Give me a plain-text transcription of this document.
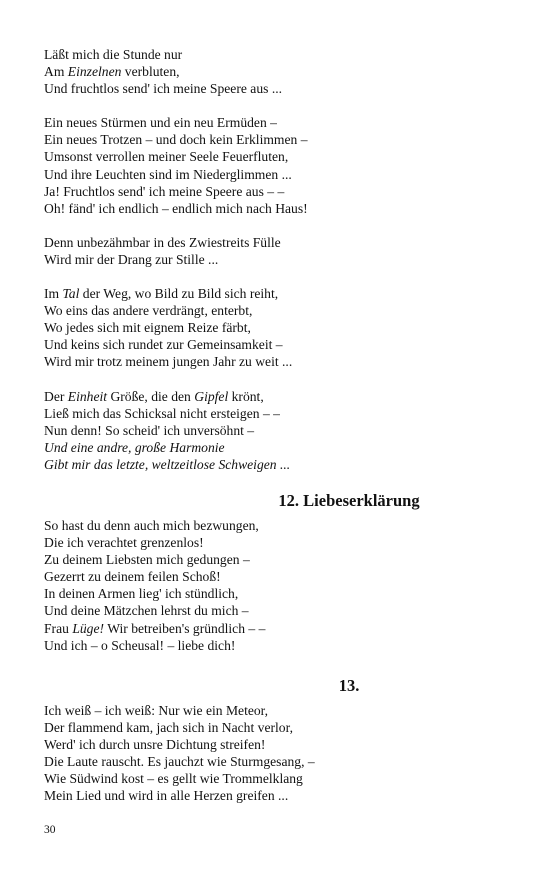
Läßt mich die Stunde nur
Am Einzelnen verbluten,
Und fruchtlos send' ich meine Speere aus ...
Ein neues Stürmen und ein neu Ermüden –
Ein neues Trotzen – und doch kein Erklimmen –
Umsonst verrollen meiner Seele Feuerfluten,
Und ihre Leuchten sind im Niederglimmen ...
Ja! Fruchtlos send' ich meine Speere aus – –
Oh! fänd' ich endlich – endlich mich nach Haus!
Denn unbezähmbar in des Zwiestreits Fülle
Wird mir der Drang zur Stille ...
Im Tal der Weg, wo Bild zu Bild sich reiht,
Wo eins das andere verdrängt, enterbt,
Wo jedes sich mit eignem Reize färbt,
Und keins sich rundet zur Gemeinsamkeit –
Wird mir trotz meinem jungen Jahr zu weit ...
Der Einheit Größe, die den Gipfel krönt,
Ließ mich das Schicksal nicht ersteigen – –
Nun denn! So scheid' ich unversöhnt –
Und eine andre, große Harmonie
Gibt mir das letzte, weltzeitlose Schweigen ...
12. Liebeserklärung
So hast du denn auch mich bezwungen,
Die ich verachtet grenzenlos!
Zu deinem Liebsten mich gedungen –
Gezerrt zu deinem feilen Schoß!
In deinen Armen lieg' ich stündlich,
Und deine Mätzchen lehrst du mich –
Frau Lüge! Wir betreiben's gründlich – –
Und ich – o Scheusal! – liebe dich!
13.
Ich weiß – ich weiß: Nur wie ein Meteor,
Der flammend kam, jach sich in Nacht verlor,
Werd' ich durch unsre Dichtung streifen!
Die Laute rauscht. Es jauchzt wie Sturmgesang, –
Wie Südwind kost – es gellt wie Trommelklang
Mein Lied und wird in alle Herzen greifen ...
30
